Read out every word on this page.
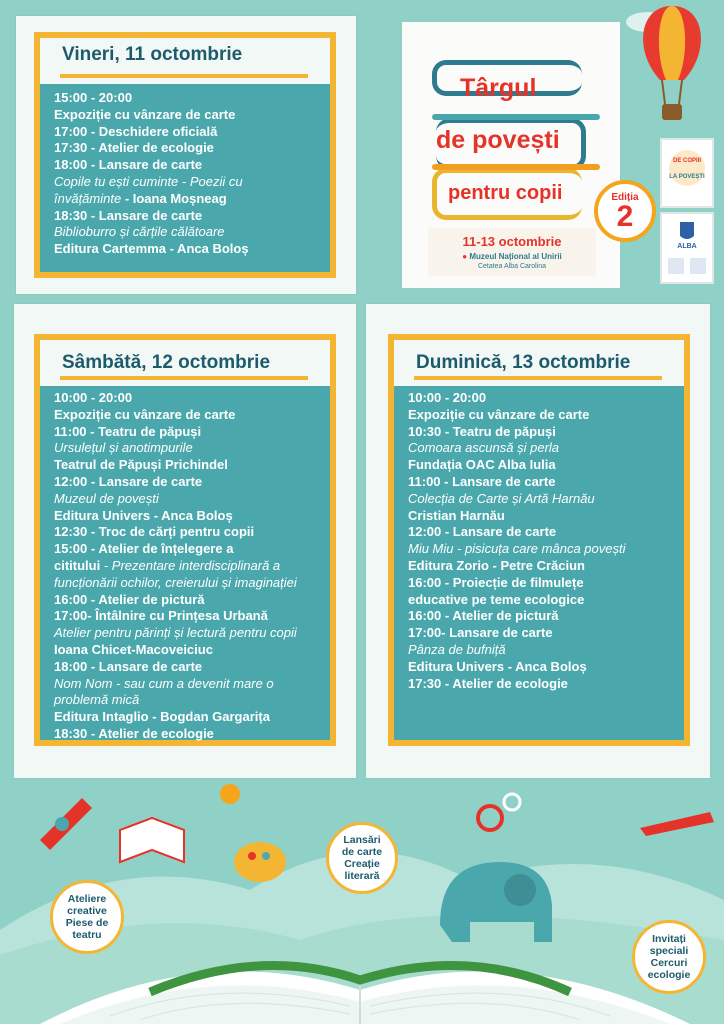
Vineri, 11 octombrie
15:00 - 20:00
Expoziție cu vânzare de carte
17:00 - Deschidere oficială
17:30 - Atelier de ecologie
18:00 - Lansare de carte
Copile tu ești cuminte - Poezii cu
învățăminte - Ioana Moșneag
18:30 - Lansare de carte
Biblioburro și cărțile călătoare
Editura Cartemma - Anca Boloș
Târgul
de povești
pentru copii
11-13 octombrie
● Muzeul Național al Unirii
Cetatea Alba Carolina
Ediția
2
DE COPIII
LA POVEȘTI
ALBA
Sâmbătă, 12 octombrie
10:00 - 20:00
Expoziție cu vânzare de carte
11:00 - Teatru de păpuși
Ursulețul și anotimpurile
Teatrul de Păpuși Prichindel
12:00 - Lansare de carte
Muzeul de povești
Editura Univers - Anca Boloș
12:30 - Troc de cărți pentru copii
15:00 - Atelier de înțelegere a
cititului - Prezentare interdisciplinară a
funcționării ochilor, creierului și imaginației
16:00 - Atelier de pictură
17:00- Întâlnire cu Prințesa Urbană
Atelier pentru părinți și lectură pentru copii
Ioana Chicet-Macoveiciuc
18:00 - Lansare de carte
Nom Nom - sau cum a devenit mare o
problemă mică
Editura Intaglio - Bogdan Gargarița
18:30 - Atelier de ecologie
Duminică, 13 octombrie
10:00 - 20:00
Expoziție cu vânzare de carte
10:30 - Teatru de păpuși
Comoara ascunsă și perla
Fundația OAC Alba Iulia
11:00 - Lansare de carte
Colecția de Carte și Artă Harnău
Cristian Harnău
12:00 - Lansare de carte
Miu Miu - pisicuța care mânca povești
Editura Zorio - Petre Crăciun
16:00 - Proiecție de filmulețe
educative pe teme ecologice
16:00 - Atelier de pictură
17:00- Lansare de carte
Pânza de bufniță
Editura Univers - Anca Boloș
17:30 - Atelier de ecologie
Ateliere
creative
Piese de
teatru
Lansări
de carte
Creație
literară
Invitați
speciali
Cercuri
ecologie
